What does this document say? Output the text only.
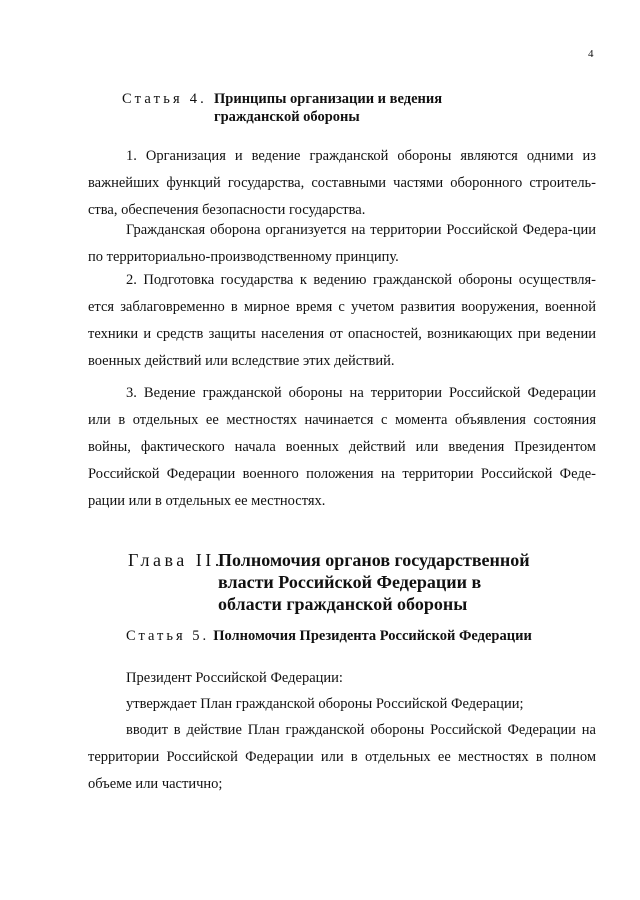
4
Статья 4. Принципы организации и ведения гражданской обороны

1. Организация и ведение гражданской обороны являются одними из важнейших функций государства, составными частями оборонного строитель-ства, обеспечения безопасности государства.

Гражданская оборона организуется на территории Российской Федера-ции по территориально-производственному принципу.

2. Подготовка государства к ведению гражданской обороны осуществля-ется заблаговременно в мирное время с учетом развития вооружения, военной техники и средств защиты населения от опасностей, возникающих при ведении военных действий или вследствие этих действий.

3. Ведение гражданской обороны на территории Российской Федерации или в отдельных ее местностях начинается с момента объявления состояния войны, фактического начала военных действий или введения Президентом Российской Федерации военного положения на территории Российской Феде-рации или в отдельных ее местностях.

Глава II.
Полномочия органов государственной власти Российской Федерации в области гражданской обороны
Статья 5. Полномочия Президента Российской Федерации

Президент Российской Федерации:

утверждает План гражданской обороны Российской Федерации;

вводит в действие План гражданской обороны Российской Федерации на территории Российской Федерации или в отдельных ее местностях в полном объеме или частично;
